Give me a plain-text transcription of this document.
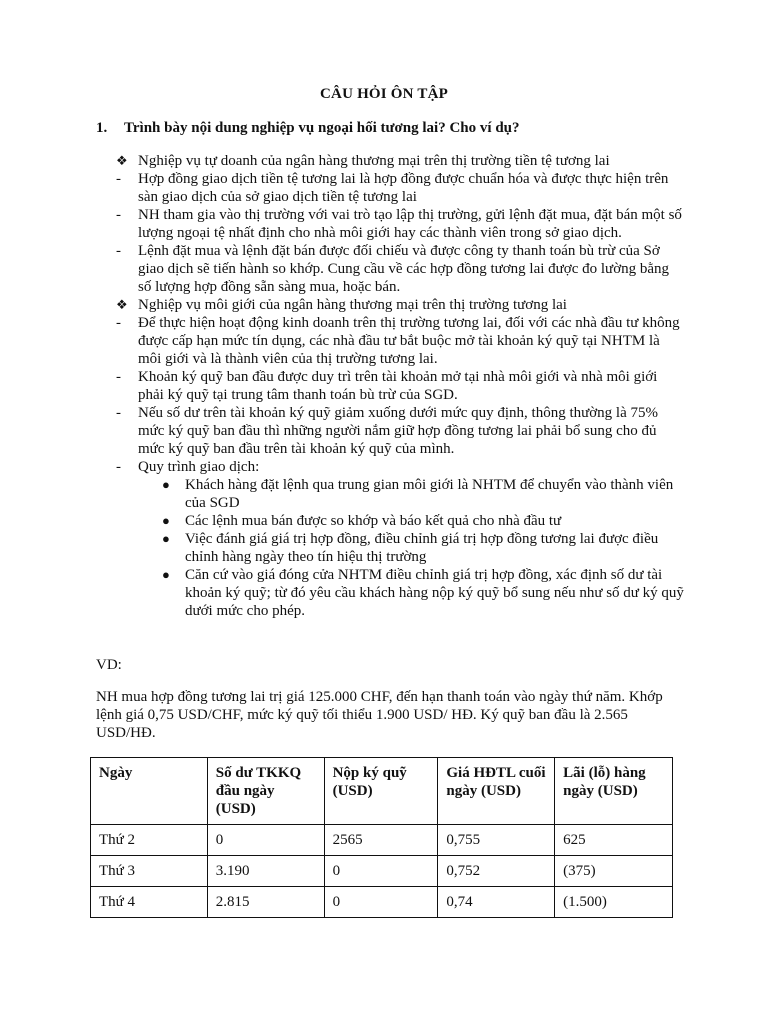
CÂU HỎI ÔN TẬP
1. Trình bày nội dung nghiệp vụ ngoại hối tương lai? Cho ví dụ?

❖ Nghiệp vụ tự doanh của ngân hàng thương mại trên thị trường tiền tệ tương lai

- Hợp đồng giao dịch tiền tệ tương lai là hợp đồng được chuẩn hóa và được thực hiện trên sàn giao dịch của sở giao dịch tiền tệ tương lai

- NH tham gia vào thị trường với vai trò tạo lập thị trường, gửi lệnh đặt mua, đặt bán một số lượng ngoại tệ nhất định cho nhà môi giới hay các thành viên trong sở giao dịch.

- Lệnh đặt mua và lệnh đặt bán được đối chiếu và được công ty thanh toán bù trừ của Sở giao dịch sẽ tiến hành so khớp. Cung cầu về các hợp đồng tương lai được đo lường bằng số lượng hợp đồng sẵn sàng mua, hoặc bán.

❖ Nghiệp vụ môi giới của ngân hàng thương mại trên thị trường tương lai

- Để thực hiện hoạt động kinh doanh trên thị trường tương lai, đối với các nhà đầu tư không được cấp hạn mức tín dụng, các nhà đầu tư bắt buộc mở tài khoản ký quỹ tại NHTM là môi giới và là thành viên của thị trường tương lai.

- Khoản ký quỹ ban đầu được duy trì trên tài khoản mở tại nhà môi giới và nhà môi giới phải ký quỹ tại trung tâm thanh toán bù trừ của SGD.

- Nếu số dư trên tài khoản ký quỹ giảm xuống dưới mức quy định, thông thường là 75% mức ký quỹ ban đầu thì những người nắm giữ hợp đồng tương lai phải bổ sung cho đủ mức ký quỹ ban đầu trên tài khoản ký quỹ của mình.

- Quy trình giao dịch:

● Khách hàng đặt lệnh qua trung gian môi giới là NHTM để chuyển vào thành viên của SGD

● Các lệnh mua bán được so khớp và báo kết quả cho nhà đầu tư

● Việc đánh giá giá trị hợp đồng, điều chỉnh giá trị hợp đồng tương lai được điều chỉnh hàng ngày theo tín hiệu thị trường

● Căn cứ vào giá đóng cửa NHTM điều chỉnh giá trị hợp đồng, xác định số dư tài khoản ký quỹ; từ đó yêu cầu khách hàng nộp ký quỹ bổ sung nếu như số dư ký quỹ dưới mức cho phép.

VD:
NH mua hợp đồng tương lai trị giá 125.000 CHF, đến hạn thanh toán vào ngày thứ năm. Khớp lệnh giá 0,75 USD/CHF, mức ký quỹ tối thiểu 1.900 USD/ HĐ. Ký quỹ ban đầu là 2.565 USD/HĐ.
Ngày	Số dư TKKQ đầu ngày (USD)	Nộp ký quỹ (USD)	Giá HĐTL cuối ngày (USD)	Lãi (lỗ) hàng ngày (USD)
Thứ 2	0	2565	0,755	625
Thứ 3	3.190	0	0,752	(375)
Thứ 4	2.815	0	0,74	(1.500)
